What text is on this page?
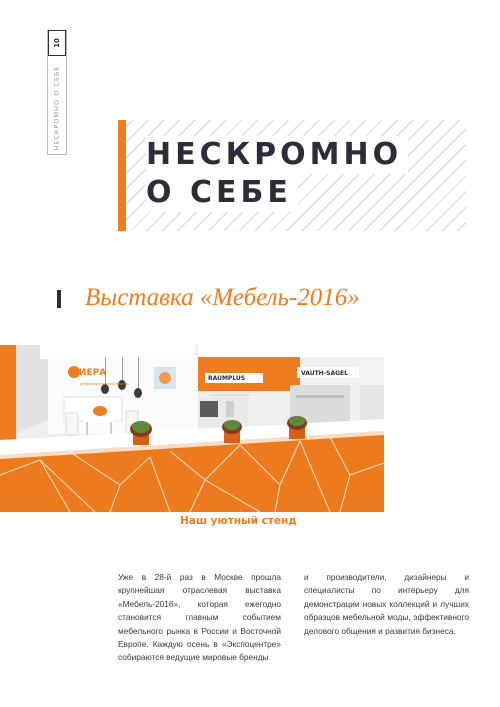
10
НЕСКРОМНО О СЕБЕ
НЕСКРОМНО
О СЕБЕ
Выставка «Мебель-2016»
ФИЕРА
ИНТЕРЬЕРЫ ЭЛИТНОЙ МЕБЕЛИ
RAUMPLUS
VAUTH-SAGEL
Наш уютный стенд

Уже в 28-й раз в Москве прошла крупнейшая отраслевая выставка «Мебель-2016», которая ежегодно становится главным событием мебельного рынка в России и Восточной Европе. Каждую осень в «Экспоцентре» собираются ведущие мировые бренды

и производители, дизайнеры и специалисты по интерьеру для демонстрации новых коллекций и лучших образцов мебельной моды, эффективного делового общения и развития бизнеса.
